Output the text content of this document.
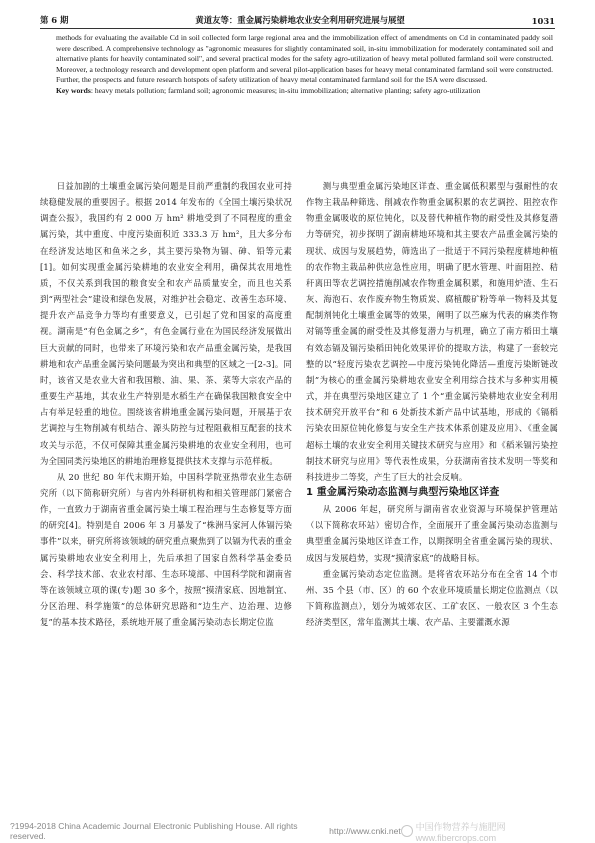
第 6 期	黄道友等：重金属污染耕地农业安全利用研究进展与展望	1031
methods for evaluating the available Cd in soil collected form large regional area and the immobilization effect of amendments on Cd in contaminated paddy soil were described. A comprehensive technology as "agronomic measures for slightly contaminated soil, in-situ immobilization for moderately contaminated soil and alternative plants for heavily contaminated soil", and several practical modes for the safety agro-utilization of heavy metal polluted farmland soil were constructed. Moreover, a technology research and development open platform and several pilot-application bases for heavy metal contaminated farmland soil were constructed. Further, the prospects and future research hotspots of safety utilization of heavy metal contaminated farmland soil for the ISA were discussed.
Key words: heavy metals pollution; farmland soil; agronomic measures; in-situ immobilization; alternative planting; safety agro-utilization

日益加剧的土壤重金属污染问题是目前严重制约我国农业可持续稳健发展的重要因子。根据 2014 年发布的《全国土壤污染状况调查公报》，我国约有 2 000 万 hm² 耕地受到了不同程度的重金属污染，其中重度、中度污染面积近 333.3 万 hm²，且大多分布在经济发达地区和鱼米之乡，其主要污染物为镉、砷、铅等元素[1]。如何实现重金属污染耕地的农业安全利用，确保其农用地性质，不仅关系到我国的粮食安全和农产品质量安全，而且也关系到“两型社会”建设和绿色发展，对维护社会稳定、改善生态环境、提升农产品竞争力等均有重要意义，已引起了党和国家的高度重视。湖南是“有色金属之乡”，有色金属行业在为国民经济发展做出巨大贡献的同时，也带来了环境污染和农产品重金属污染，是我国耕地和农产品重金属污染问题最为突出和典型的区域之一[2-3]。同时，该省又是农业大省和我国粮、油、果、茶、菜等大宗农产品的重要生产基地，其农业生产特别是水稻生产在确保我国粮食安全中占有举足轻重的地位。围绕该省耕地重金属污染问题，开展基于农艺调控与生物削减有机结合、源头防控与过程阻截相互配套的技术攻关与示范，不仅可保障其重金属污染耕地的农业安全利用，也可为全国同类污染地区的耕地治理修复提供技术支撑与示范样板。

从 20 世纪 80 年代末期开始，中国科学院亚热带农业生态研究所（以下简称研究所）与省内外科研机构和相关管理部门紧密合作，一直致力于湖南省重金属污染土壤工程治理与生态修复等方面的研究[4]。特别是自 2006 年 3 月暴发了“株洲马家河人体镉污染事件”以来，研究所将该领域的研究重点聚焦到了以镉为代表的重金属污染耕地农业安全利用上，先后承担了国家自然科学基金委员会、科学技术部、农业农村部、生态环境部、中国科学院和湖南省等在该领域立项的课(专)题 30 多个，按照“摸清家底、因地制宜、分区治理、科学施策”的总体研究思路和“边生产、边治理、边修复”的基本技术路径，系统地开展了重金属污染动态长期定位监

测与典型重金属污染地区详查、重金属低积累型与强耐性的农作物主栽品种筛选、削减农作物重金属积累的农艺调控、阻控农作物重金属吸收的原位钝化，以及替代种植作物的耐受性及其修复潜力等研究，初步探明了湖南耕地环境和其主要农产品重金属污染的现状、成因与发展趋势，筛选出了一批适于不同污染程度耕地种植的农作物主栽品种供应急性应用，明确了肥水管理、叶面阻控、秸秆离田等农艺调控措施削减农作物重金属积累，和施用炉渣、生石灰、海泡石、农作废弃物生物质炭、腐植酸矿粉等单一物料及其复配制剂钝化土壤重金属等的效果，阐明了以苎麻为代表的麻类作物对镉等重金属的耐受性及其修复潜力与机理，确立了南方稻田土壤有效态镉及镉污染稻田钝化效果评价的提取方法，构建了一套较完整的以“轻度污染农艺调控—中度污染钝化降活—重度污染断链改制”为核心的重金属污染耕地农业安全利用综合技术与多种实用模式，并在典型污染地区建立了 1 个“重金属污染耕地农业安全利用技术研究开放平台”和 6 处新技术新产品中试基地，形成的《镉稻污染农田原位钝化修复与安全生产技术体系创建及应用》、《重金属超标土壤的农业安全利用关键技术研究与应用》和《稻米镉污染控制技术研究与应用》等代表性成果，分获湖南省技术发明一等奖和科技进步二等奖，产生了巨大的社会反响。

1 重金属污染动态监测与典型污染地区详查

从 2006 年起，研究所与湖南省农业资源与环境保护管理站（以下简称农环站）密切合作，全面展开了重金属污染动态监测与典型重金属污染地区详查工作，以期探明全省重金属污染的现状、成因与发展趋势，实现“摸清家底”的战略目标。

重金属污染动态定位监测。是将省农环站分布在全省 14 个市州、35 个县（市、区）的 60 个农业环境质量长期定位监测点（以下简称监测点），划分为城郊农区、工矿农区、一般农区 3 个生态经济类型区，常年监测其土壤、农产品、主要灌溉水源

?1994-2018 China Academic Journal Electronic Publishing House. All rights reserved.	http://www.cnki.net 中国作物营养与施肥网 www.fibercrops.com
